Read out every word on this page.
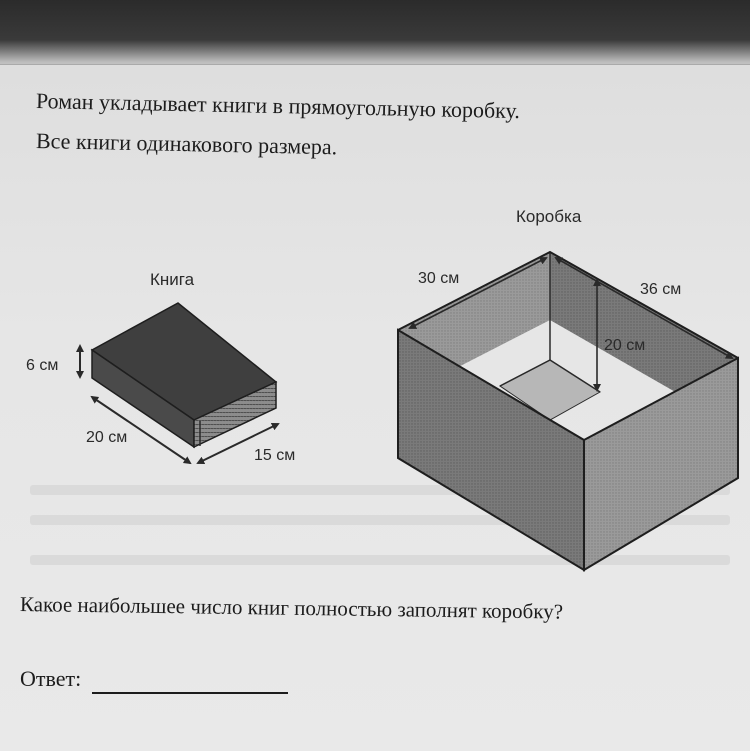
Роман укладывает книги в прямоугольную коробку.
Все книги одинакового размера.
Книга
6 см
20 см
15 см
Коробка
30 см
36 см
20 см
Какое наибольшее число книг полностью заполнят коробку?
Ответ:
